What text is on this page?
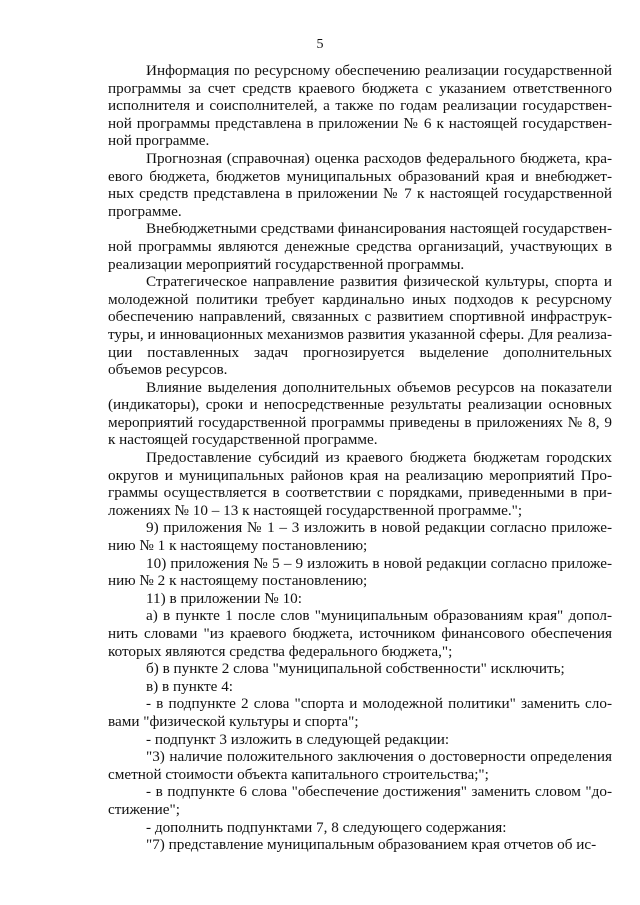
5

Информация по ресурсному обеспечению реализации государственной программы за счет средств краевого бюджета с указанием ответственного исполнителя и соисполнителей, а также по годам реализации государственной программы представлена в приложении № 6 к настоящей государственной программе.

Прогнозная (справочная) оценка расходов федерального бюджета, краевого бюджета, бюджетов муниципальных образований края и внебюджетных средств представлена в приложении № 7 к настоящей государственной программе.

Внебюджетными средствами финансирования настоящей государственной программы являются денежные средства организаций, участвующих в реализации мероприятий государственной программы.

Стратегическое направление развития физической культуры, спорта и молодежной политики требует кардинально иных подходов к ресурсному обеспечению направлений, связанных с развитием спортивной инфраструктуры, и инновационных механизмов развития указанной сферы. Для реализации поставленных задач прогнозируется выделение дополнительных объемов ресурсов.

Влияние выделения дополнительных объемов ресурсов на показатели (индикаторы), сроки и непосредственные результаты реализации основных мероприятий государственной программы приведены в приложениях № 8, 9 к настоящей государственной программе.

Предоставление субсидий из краевого бюджета бюджетам городских округов и муниципальных районов края на реализацию мероприятий Программы осуществляется в соответствии с порядками, приведенными в приложениях № 10 – 13 к настоящей государственной программе.";

9) приложения № 1 – 3 изложить в новой редакции согласно приложению № 1 к настоящему постановлению;

10) приложения № 5 – 9 изложить в новой редакции согласно приложению № 2 к настоящему постановлению;

11) в приложении № 10:

а) в пункте 1 после слов "муниципальным образованиям края" дополнить словами "из краевого бюджета, источником финансового обеспечения которых являются средства федерального бюджета,";

б) в пункте 2 слова "муниципальной собственности" исключить;

в) в пункте 4:

- в подпункте 2 слова "спорта и молодежной политики" заменить словами "физической культуры и спорта";

- подпункт 3 изложить в следующей редакции:

"3) наличие положительного заключения о достоверности определения сметной стоимости объекта капитального строительства;";

- в подпункте 6 слова "обеспечение достижения" заменить словом "достижение";

- дополнить подпунктами 7, 8 следующего содержания:

"7) представление муниципальным образованием края отчетов об ис-
